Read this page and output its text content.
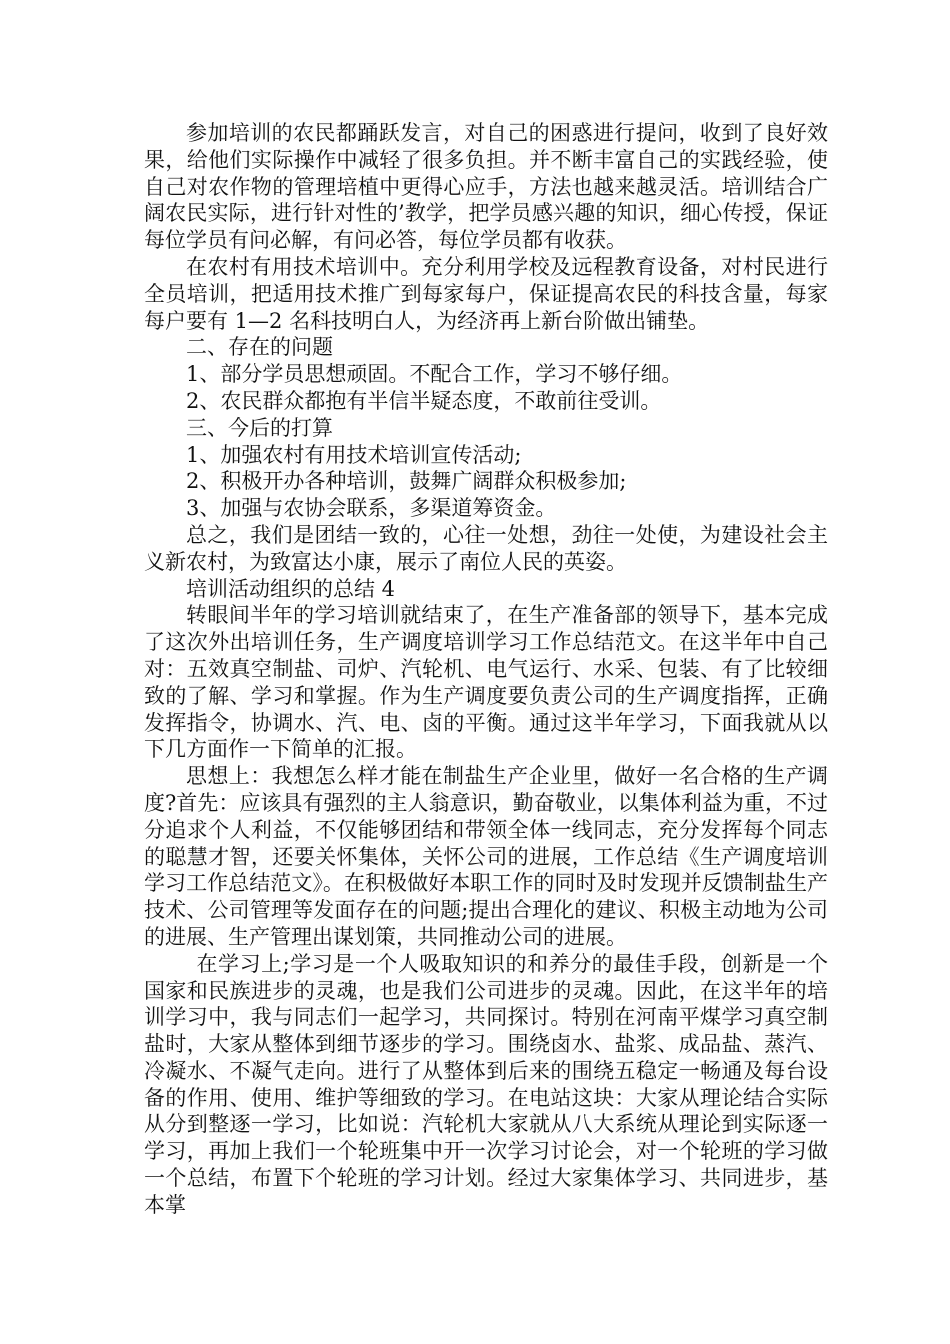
参加培训的农民都踊跃发言，对自己的困惑进行提问，收到了良好效果，给他们实际操作中减轻了很多负担。并不断丰富自己的实践经验，使自己对农作物的管理培植中更得心应手，方法也越来越灵活。培训结合广阔农民实际，进行针对性的’教学，把学员感兴趣的知识，细心传授，保证每位学员有问必解，有问必答，每位学员都有收获。

在农村有用技术培训中。充分利用学校及远程教育设备，对村民进行全员培训，把适用技术推广到每家每户，保证提高农民的科技含量，每家每户要有 1—2 名科技明白人，为经济再上新台阶做出铺垫。

二、存在的问题

1、部分学员思想顽固。不配合工作，学习不够仔细。

2、农民群众都抱有半信半疑态度，不敢前往受训。

三、今后的打算

1、加强农村有用技术培训宣传活动;

2、积极开办各种培训，鼓舞广阔群众积极参加;

3、加强与农协会联系，多渠道筹资金。

总之，我们是团结一致的，心往一处想，劲往一处使，为建设社会主义新农村，为致富达小康，展示了南位人民的英姿。

培训活动组织的总结 4

转眼间半年的学习培训就结束了，在生产准备部的领导下，基本完成了这次外出培训任务，生产调度培训学习工作总结范文。在这半年中自己对：五效真空制盐、司炉、汽轮机、电气运行、水采、包装、有了比较细致的了解、学习和掌握。作为生产调度要负责公司的生产调度指挥，正确发挥指令，协调水、汽、电、卤的平衡。通过这半年学习，下面我就从以下几方面作一下简单的汇报。

思想上：我想怎么样才能在制盐生产企业里，做好一名合格的生产调度?首先：应该具有强烈的主人翁意识，勤奋敬业，以集体利益为重，不过分追求个人利益，不仅能够团结和带领全体一线同志，充分发挥每个同志的聪慧才智，还要关怀集体，关怀公司的进展，工作总结《生产调度培训学习工作总结范文》。在积极做好本职工作的同时及时发现并反馈制盐生产技术、公司管理等发面存在的问题;提出合理化的建议、积极主动地为公司的进展、生产管理出谋划策，共同推动公司的进展。

在学习上;学习是一个人吸取知识的和养分的最佳手段，创新是一个国家和民族进步的灵魂，也是我们公司进步的灵魂。因此，在这半年的培训学习中，我与同志们一起学习，共同探讨。特别在河南平煤学习真空制盐时，大家从整体到细节逐步的学习。围绕卤水、盐浆、成品盐、蒸汽、冷凝水、不凝气走向。进行了从整体到后来的围绕五稳定一畅通及每台设备的作用、使用、维护等细致的学习。在电站这块：大家从理论结合实际从分到整逐一学习，比如说：汽轮机大家就从八大系统从理论到实际逐一学习，再加上我们一个轮班集中开一次学习讨论会，对一个轮班的学习做一个总结，布置下个轮班的学习计划。经过大家集体学习、共同进步，基本掌
